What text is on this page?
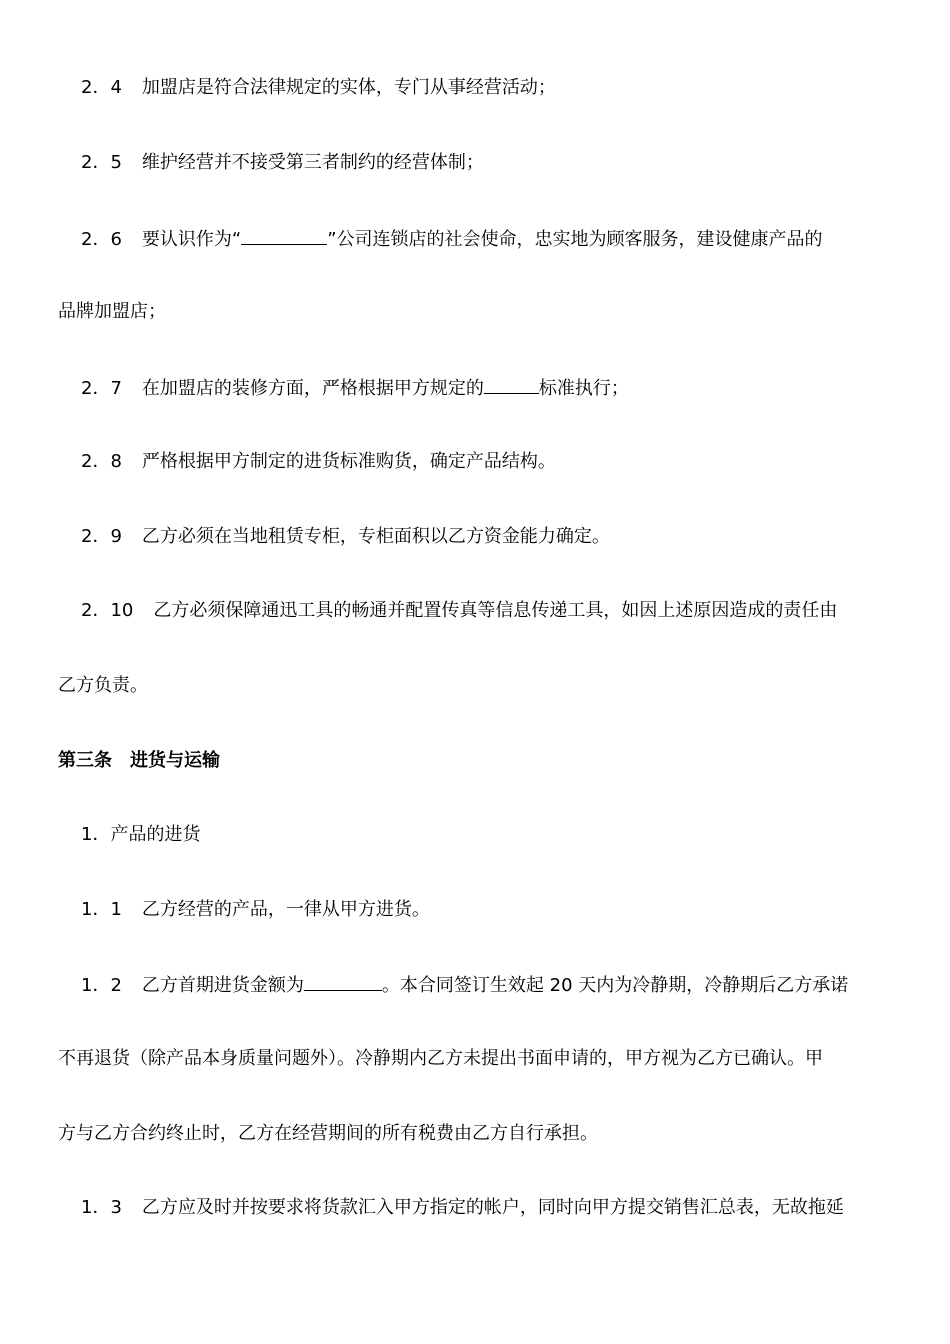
2．4 加盟店是符合法律规定的实体，专门从事经营活动；

2．5 维护经营并不接受第三者制约的经营体制；

2．6 要认识作为“	”公司连锁店的社会使命，忠实地为顾客服务，建设健康产品的

品牌加盟店；

2．7 在加盟店的装修方面，严格根据甲方规定的	标准执行；

2．8 严格根据甲方制定的进货标准购货，确定产品结构。

2．9 乙方必须在当地租赁专柜，专柜面积以乙方资金能力确定。

2．10 乙方必须保障通迅工具的畅通并配置传真等信息传递工具，如因上述原因造成的责任由

乙方负责。

第三条　进货与运输

1．产品的进货

1．1 乙方经营的产品，一律从甲方进货。

1．2 乙方首期进货金额为	。本合同签订生效起 20 天内为冷静期，冷静期后乙方承诺

不再退货（除产品本身质量问题外）。冷静期内乙方未提出书面申请的，甲方视为乙方已确认。甲

方与乙方合约终止时，乙方在经营期间的所有税费由乙方自行承担。

1．3 乙方应及时并按要求将货款汇入甲方指定的帐户，同时向甲方提交销售汇总表，无故拖延
